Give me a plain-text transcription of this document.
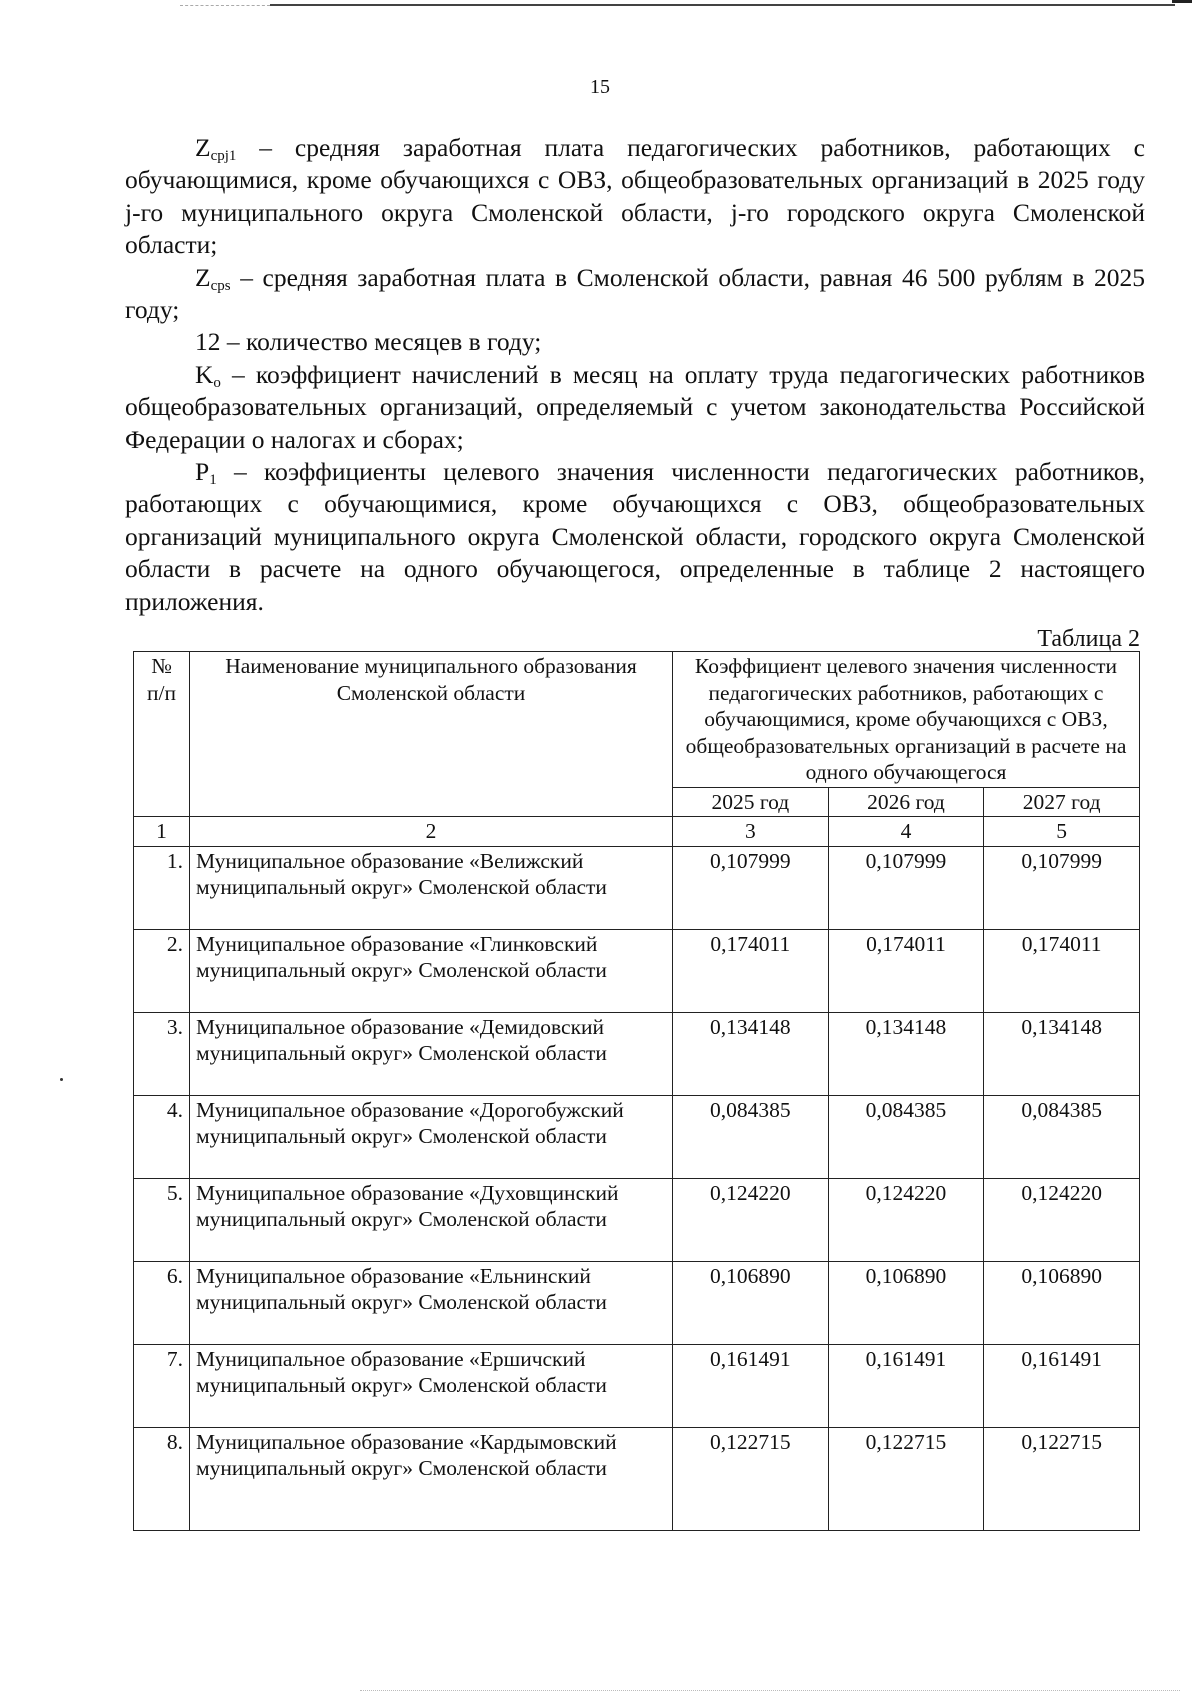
15

$Z_{cpj1}$ – средняя заработная плата педагогических работников, работающих с обучающимися, кроме обучающихся с ОВЗ, общеобразовательных организаций в 2025 году j-го муниципального округа Смоленской области, j-го городского округа Смоленской области;

$Z_{cps}$ – средняя заработная плата в Смоленской области, равная 46 500 рублям в 2025 году;

12 – количество месяцев в году;

$K_o$ – коэффициент начислений в месяц на оплату труда педагогических работников общеобразовательных организаций, определяемый с учетом законодательства Российской Федерации о налогах и сборах;

$P_1$ – коэффициенты целевого значения численности педагогических работников, работающих с обучающимися, кроме обучающихся с ОВЗ, общеобразовательных организаций муниципального округа Смоленской области, городского округа Смоленской области в расчете на одного обучающегося, определенные в таблице 2 настоящего приложения.

Таблица 2
№ п/п	Наименование муниципального образования Смоленской области	Коэффициент целевого значения численности педагогических работников, работающих с обучающимися, кроме обучающихся с ОВЗ, общеобразовательных организаций в расчете на одного обучающегося		
		2025 год	2026 год	2027 год
1	2	3	4	5
1.	Муниципальное образование «Велижский муниципальный округ» Смоленской области	0,107999	0,107999	0,107999
2.	Муниципальное образование «Глинковский муниципальный округ» Смоленской области	0,174011	0,174011	0,174011
3.	Муниципальное образование «Демидовский муниципальный округ» Смоленской области	0,134148	0,134148	0,134148
4.	Муниципальное образование «Дорогобужский муниципальный округ» Смоленской области	0,084385	0,084385	0,084385
5.	Муниципальное образование «Духовщинский муниципальный округ» Смоленской области	0,124220	0,124220	0,124220
6.	Муниципальное образование «Ельнинский муниципальный округ» Смоленской области	0,106890	0,106890	0,106890
7.	Муниципальное образование «Ершичский муниципальный округ» Смоленской области	0,161491	0,161491	0,161491
8.	Муниципальное образование «Кардымовский муниципальный округ» Смоленской области	0,122715	0,122715	0,122715
